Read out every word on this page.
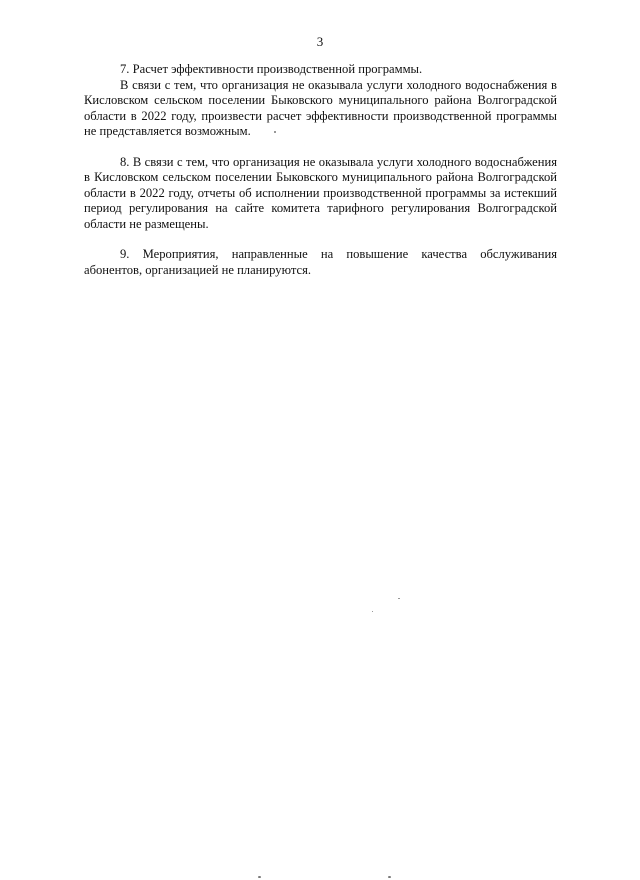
3

7. Расчет эффективности производственной программы.

В связи с тем, что организация не оказывала услуги холодного водоснабжения в Кисловском сельском поселении Быковского муниципального района Волгоградской области в 2022 году, произвести расчет эффективности производственной программы не представляется возможным.

8. В связи с тем, что организация не оказывала услуги холодного водоснабжения в Кисловском сельском поселении Быковского муниципального района Волгоградской области в 2022 году, отчеты об исполнении производственной программы за истекший период регулирования на сайте комитета тарифного регулирования Волгоградской области не размещены.

9. Мероприятия, направленные на повышение качества обслуживания абонентов, организацией не планируются.
